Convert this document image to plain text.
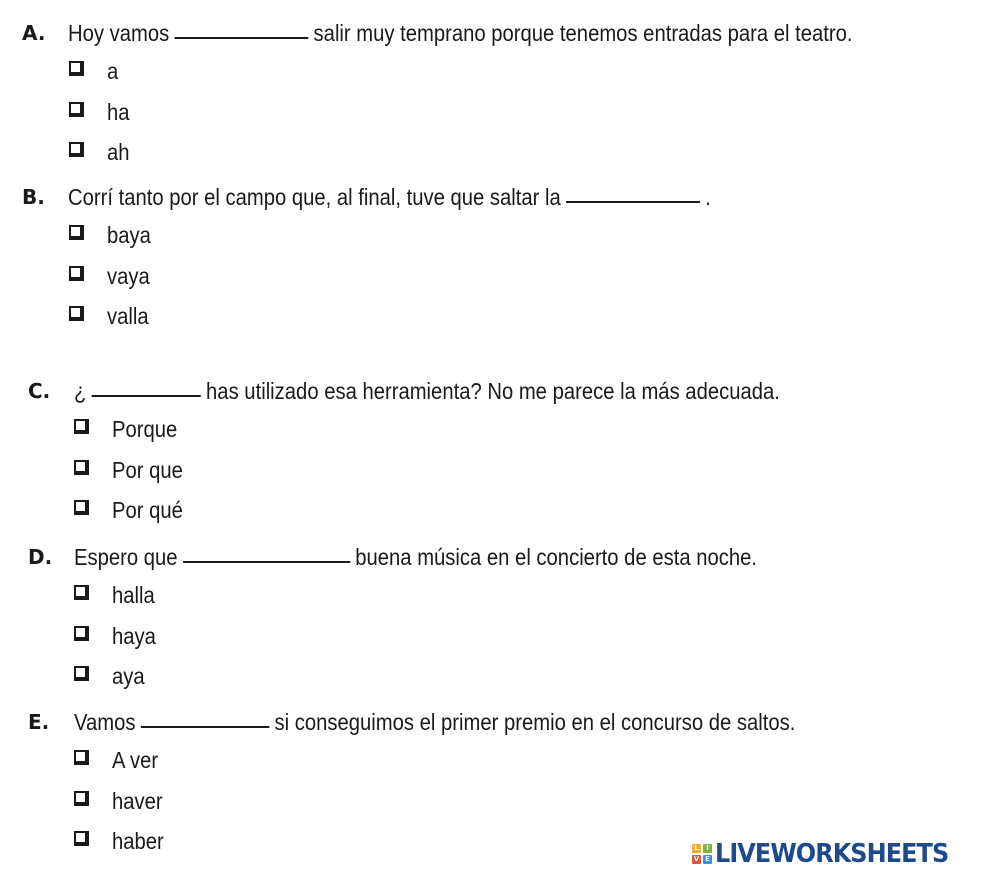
A. Hoy vamos	salir muy temprano porque tenemos entradas para el teatro.
a
ha
ah
B. Corrí tanto por el campo que, al final, tuve que saltar la	.
baya
vaya
valla
C. ¿	has utilizado esa herramienta? No me parece la más adecuada.
Porque
Por que
Por qué
D. Espero que	buena música en el concierto de esta noche.
halla
haya
aya
E. Vamos	si conseguimos el primer premio en el concurso de saltos.
A ver
haver
haber	L	I
V E LIVEWORKSHEETS
